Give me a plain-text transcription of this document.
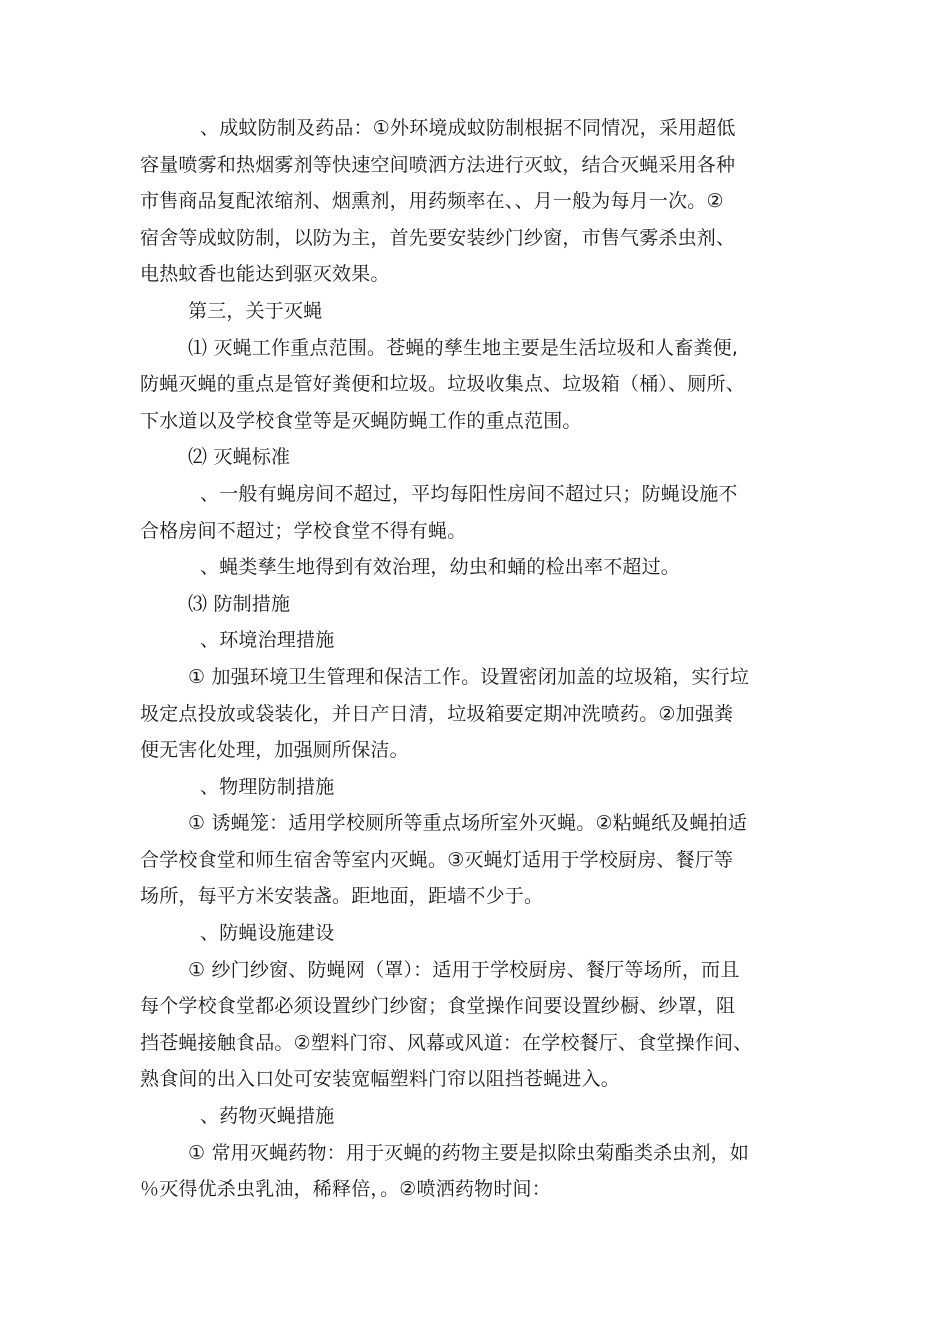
、成蚊防制及药品：①外环境成蚊防制根据不同情况，采用超低
容量喷雾和热烟雾剂等快速空间喷洒方法进行灭蚊，结合灭蝇采用各种
市售商品复配浓缩剂、烟熏剂，用药频率在、、月一般为每月一次。②
宿舍等成蚊防制，以防为主，首先要安装纱门纱窗，市售气雾杀虫剂、
电热蚊香也能达到驱灭效果。
第三，关于灭蝇
⑴ 灭蝇工作重点范围。苍蝇的孳生地主要是生活垃圾和人畜粪便,
防蝇灭蝇的重点是管好粪便和垃圾。垃圾收集点、垃圾箱（桶）、厕所、
下水道以及学校食堂等是灭蝇防蝇工作的重点范围。
⑵ 灭蝇标准
、一般有蝇房间不超过，平均每阳性房间不超过只；防蝇设施不
合格房间不超过；学校食堂不得有蝇。
、蝇类孳生地得到有效治理，幼虫和蛹的检出率不超过。
⑶ 防制措施
、环境治理措施
① 加强环境卫生管理和保洁工作。设置密闭加盖的垃圾箱，实行垃
圾定点投放或袋装化，并日产日清，垃圾箱要定期冲洗喷药。②加强粪
便无害化处理，加强厕所保洁。
、物理防制措施
① 诱蝇笼：适用学校厕所等重点场所室外灭蝇。②粘蝇纸及蝇拍适
合学校食堂和师生宿舍等室内灭蝇。③灭蝇灯适用于学校厨房、餐厅等
场所，每平方米安装盏。距地面，距墙不少于。
、防蝇设施建设
① 纱门纱窗、防蝇网（罩）：适用于学校厨房、餐厅等场所，而且
每个学校食堂都必须设置纱门纱窗；食堂操作间要设置纱橱、纱罩，阻
挡苍蝇接触食品。②塑料门帘、风幕或风道：在学校餐厅、食堂操作间、
熟食间的出入口处可安装宽幅塑料门帘以阻挡苍蝇进入。
、药物灭蝇措施
① 常用灭蝇药物：用于灭蝇的药物主要是拟除虫菊酯类杀虫剂，如
％灭得优杀虫乳油，稀释倍，。②喷洒药物时间：
